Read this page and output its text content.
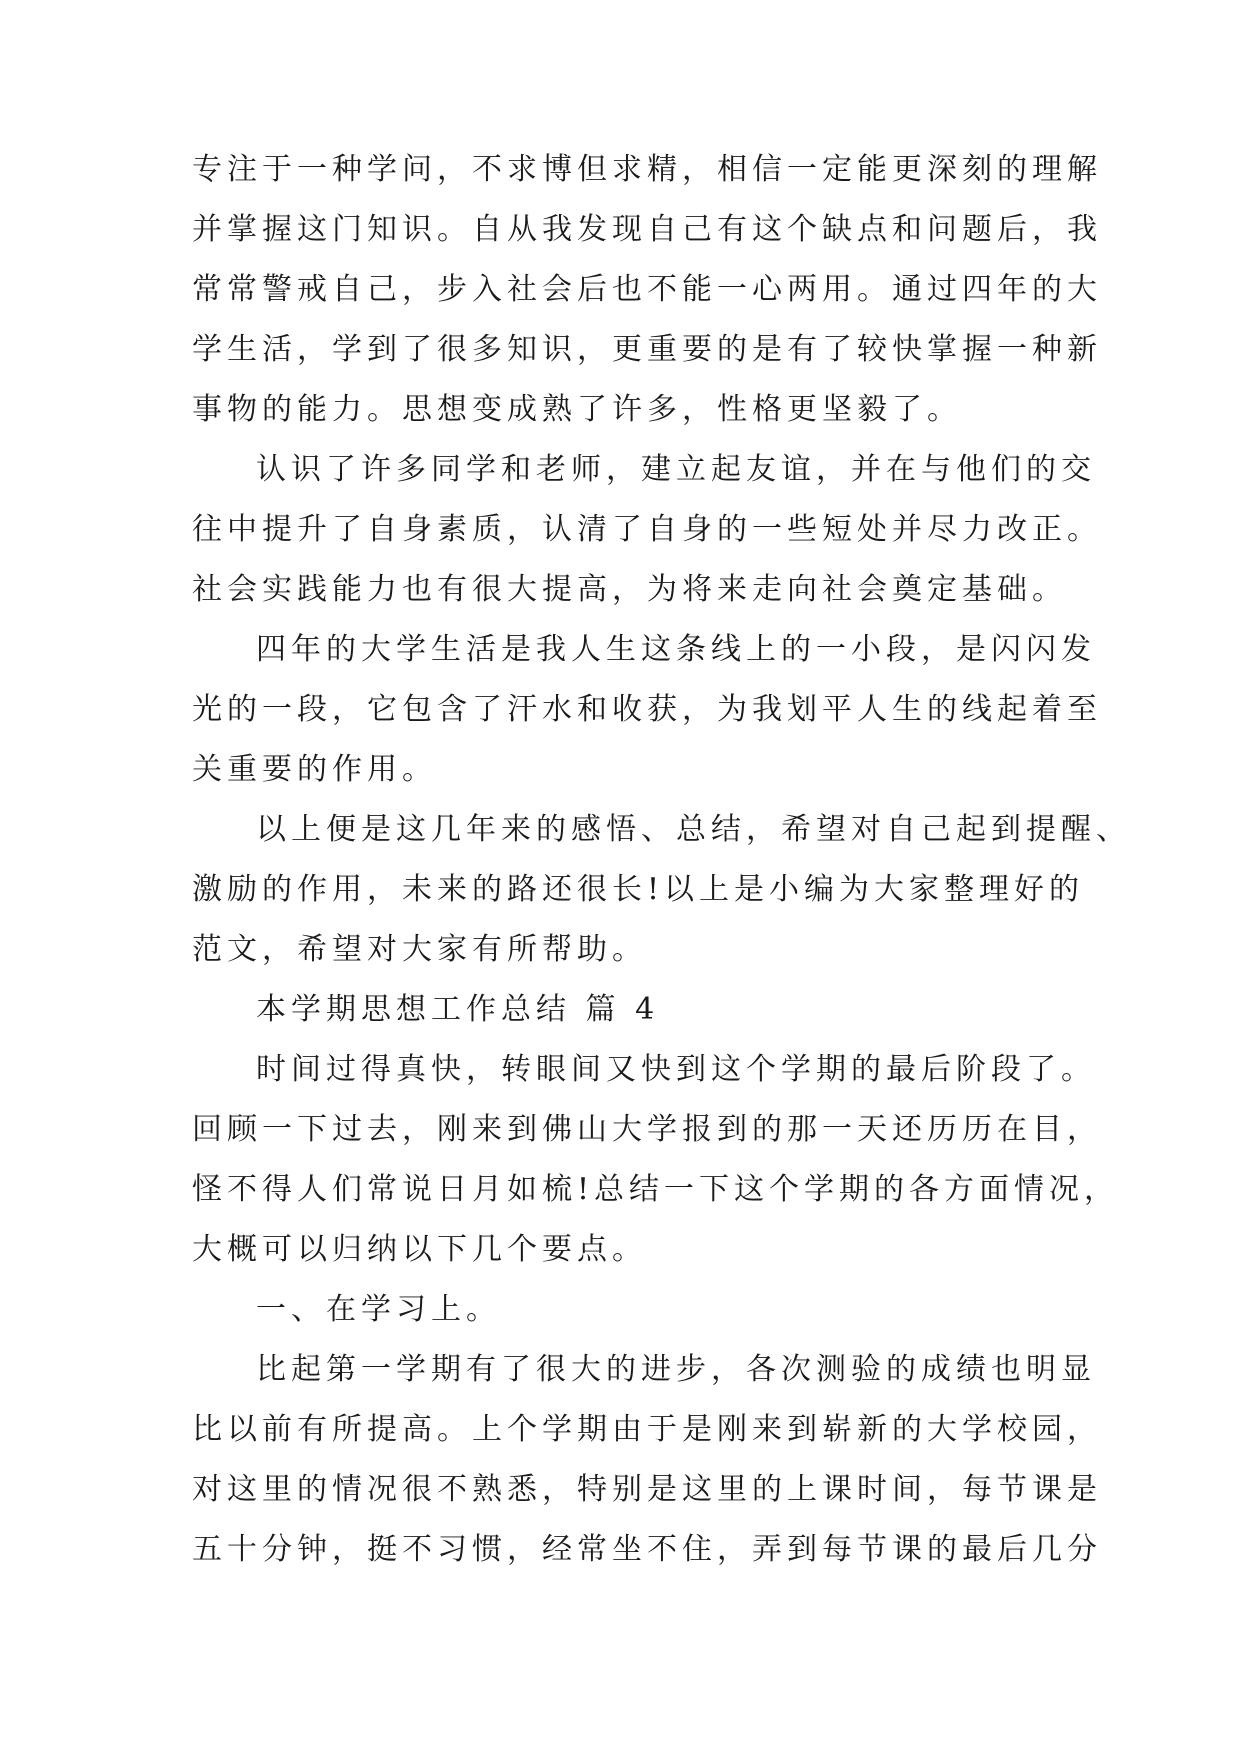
专注于一种学问，不求博但求精，相信一定能更深刻的理解
并掌握这门知识。自从我发现自己有这个缺点和问题后，我
常常警戒自己，步入社会后也不能一心两用。通过四年的大
学生活，学到了很多知识，更重要的是有了较快掌握一种新
事物的能力。思想变成熟了许多，性格更坚毅了。
认识了许多同学和老师，建立起友谊，并在与他们的交
往中提升了自身素质，认清了自身的一些短处并尽力改正。
社会实践能力也有很大提高，为将来走向社会奠定基础。
四年的大学生活是我人生这条线上的一小段，是闪闪发
光的一段，它包含了汗水和收获，为我划平人生的线起着至
关重要的作用。
以上便是这几年来的感悟、总结，希望对自己起到提醒、
激励的作用，未来的路还很长!以上是小编为大家整理好的
范文，希望对大家有所帮助。
本学期思想工作总结 篇 4
时间过得真快，转眼间又快到这个学期的最后阶段了。
回顾一下过去，刚来到佛山大学报到的那一天还历历在目，
怪不得人们常说日月如梳!总结一下这个学期的各方面情况，
大概可以归纳以下几个要点。
一、在学习上。
比起第一学期有了很大的进步，各次测验的成绩也明显
比以前有所提高。上个学期由于是刚来到崭新的大学校园，
对这里的情况很不熟悉，特别是这里的上课时间，每节课是
五十分钟，挺不习惯，经常坐不住，弄到每节课的最后几分
